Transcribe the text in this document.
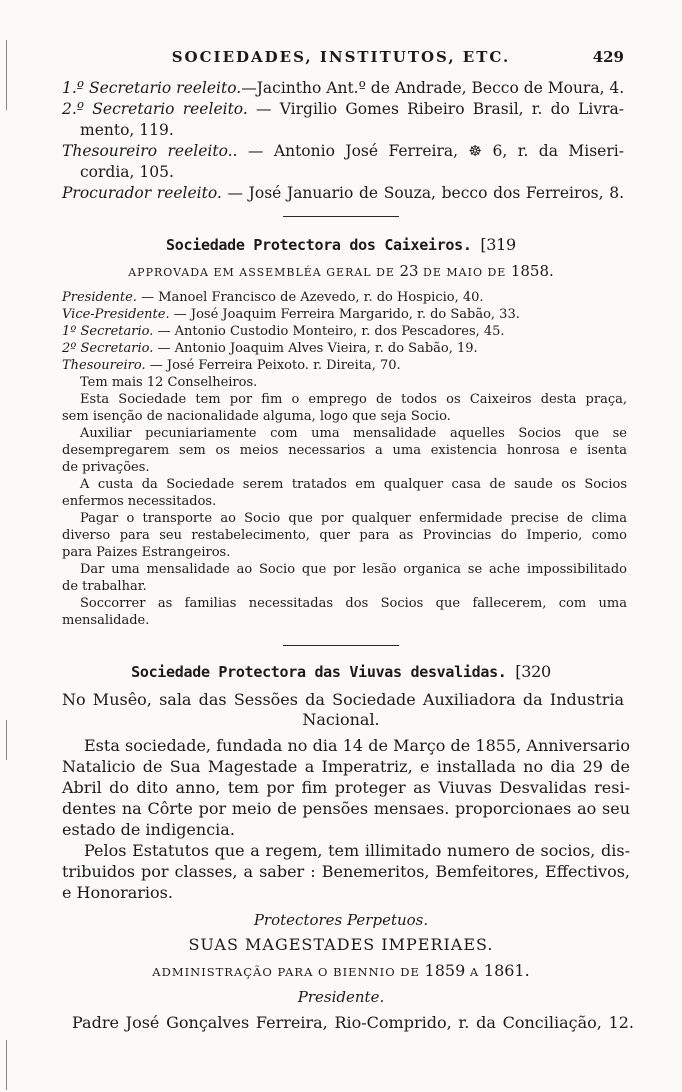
SOCIEDADES, INSTITUTOS, ETC.	429
1.º Secretario reeleito.—Jacintho Ant.º de Andrade, Becco de Moura, 4.
2.º Secretario reeleito. — Virgilio Gomes Ribeiro Brasil, r. do Livra-
mento, 119.
Thesoureiro reeleito.. — Antonio José Ferreira, ☸ 6, r. da Miseri-
cordia, 105.
Procurador reeleito. — José Januario de Souza, becco dos Ferreiros, 8.
Sociedade Protectora dos Caixeiros. [319
APPROVADA EM ASSEMBLÉA GERAL DE 23 DE MAIO DE 1858.
Presidente. — Manoel Francisco de Azevedo, r. do Hospicio, 40.
Vice-Presidente. — José Joaquim Ferreira Margarido, r. do Sabão, 33.
1º Secretario. — Antonio Custodio Monteiro, r. dos Pescadores, 45.
2º Secretario. — Antonio Joaquim Alves Vieira, r. do Sabão, 19.
Thesoureiro. — José Ferreira Peixoto. r. Direita, 70.
Tem mais 12 Conselheiros.
Esta Sociedade tem por fim o emprego de todos os Caixeiros desta praça,
sem isenção de nacionalidade alguma, logo que seja Socio.
Auxiliar pecuniariamente com uma mensalidade aquelles Socios que se
desempregarem sem os meios necessarios a uma existencia honrosa e isenta
de privações.
A custa da Sociedade serem tratados em qualquer casa de saude os Socios
enfermos necessitados.
Pagar o transporte ao Socio que por qualquer enfermidade precise de clima
diverso para seu restabelecimento, quer para as Provincias do Imperio, como
para Paizes Estrangeiros.
Dar uma mensalidade ao Socio que por lesão organica se ache impossibilitado
de trabalhar.
Soccorrer as familias necessitadas dos Socios que fallecerem, com uma
mensalidade.
Sociedade Protectora das Viuvas desvalidas. [320
No Musêo, sala das Sessões da Sociedade Auxiliadora da Industria
Nacional.
Esta sociedade, fundada no dia 14 de Março de 1855, Anniversario
Natalicio de Sua Magestade a Imperatriz, e installada no dia 29 de
Abril do dito anno, tem por fim proteger as Viuvas Desvalidas resi-
dentes na Côrte por meio de pensões mensaes. proporcionaes ao seu
estado de indigencia.
Pelos Estatutos que a regem, tem illimitado numero de socios, dis-
tribuidos por classes, a saber : Benemeritos, Bemfeitores, Effectivos,
e Honorarios.
Protectores Perpetuos.
SUAS MAGESTADES IMPERIAES.
ADMINISTRAÇÃO PARA O BIENNIO DE 1859 A 1861.
Presidente.
Padre José Gonçalves Ferreira, Rio-Comprido, r. da Conciliação, 12.
